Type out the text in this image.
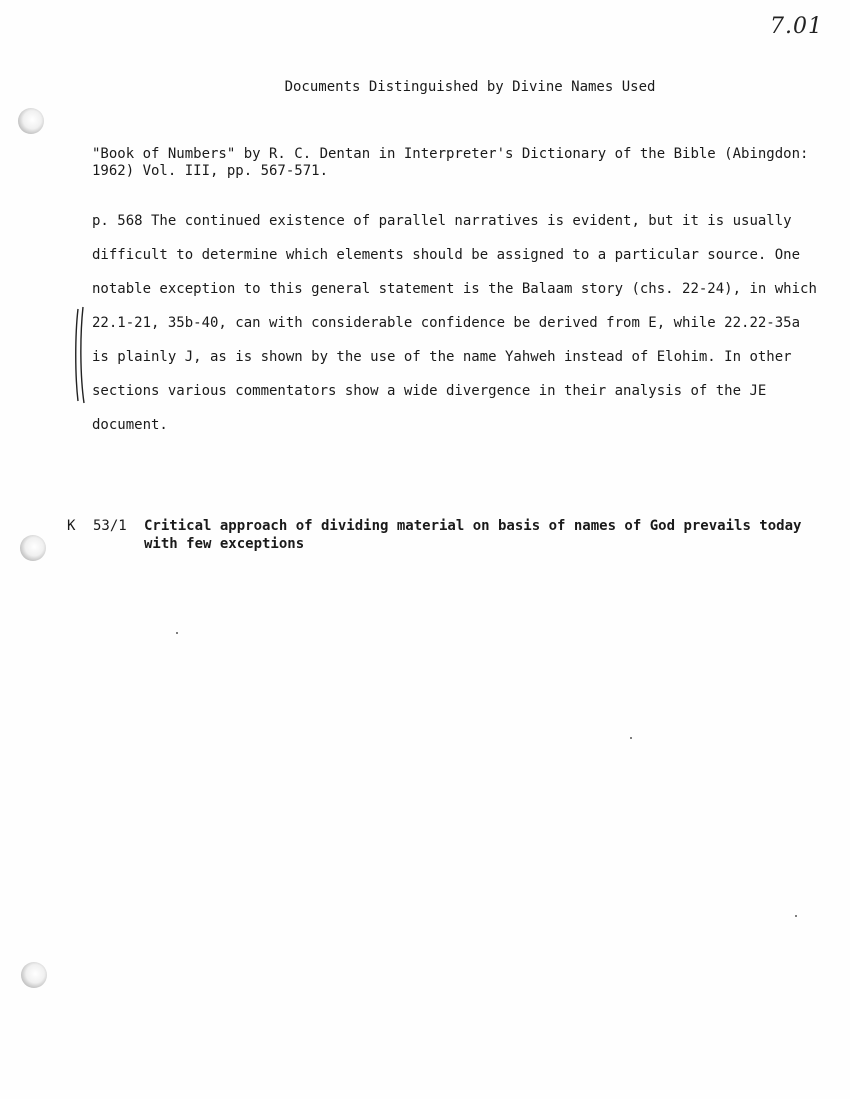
7.01
Documents Distinguished by Divine Names Used
"Book of Numbers" by R. C. Dentan in Interpreter's Dictionary of the Bible (Abingdon:
1962) Vol. III, pp. 567-571.
p. 568 The continued existence of parallel narratives is evident, but it is usually
difficult to determine which elements should be assigned to a particular source. One
notable exception to this general statement is the Balaam story (chs. 22-24), in which
22.1-21, 35b-40, can with considerable confidence be derived from E, while 22.22-35a
is plainly J, as is shown by the use of the name Yahweh instead of Elohim. In other
sections various commentators show a wide divergence in their analysis of the JE
document.
K 53/1 Critical approach of dividing material on basis of names of God prevails today
with few exceptions
